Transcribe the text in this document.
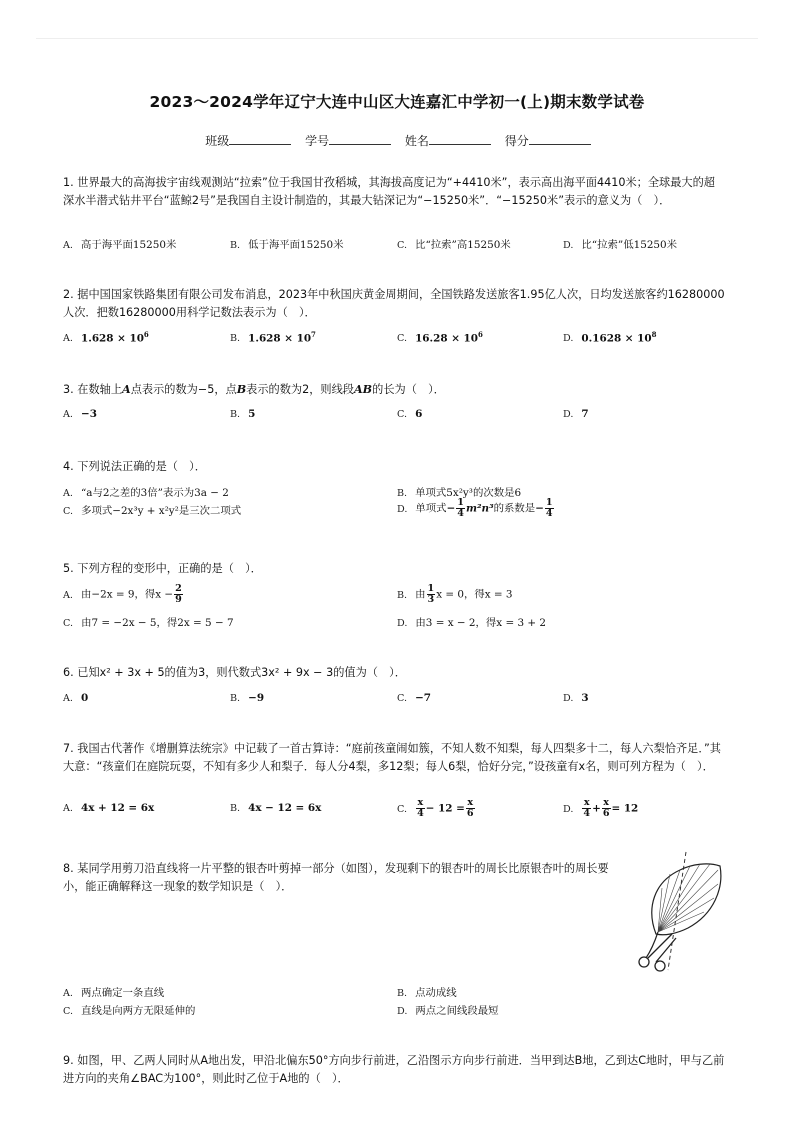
2023～2024学年辽宁大连中山区大连嘉汇中学初一(上)期末数学试卷
班级	学号	姓名	得分
1. 世界最大的高海拔宇宙线观测站“拉索”位于我国甘孜稻城，其海拔高度记为“+4410米”，表示高出海平面4410米；全球最大的超深水半潜式钻井平台“蓝鲸2号”是我国自主设计制造的，其最大钻深记为“−15250米”．“−15250米”表示的意义为（　）．
A. 高于海平面15250米	B. 低于海平面15250米	C. 比“拉索”高15250米	D. 比“拉索”低15250米
2. 据中国国家铁路集团有限公司发布消息，2023年中秋国庆黄金周期间，全国铁路发送旅客1.95亿人次，日均发送旅客约16280000人次．把数16280000用科学记数法表示为（　）．
A. $1.628 \times 10^6$	B. $1.628 \times 10^7$	C. $16.28 \times 10^6$	D. $0.1628 \times 10^8$
3. 在数轴上A点表示的数为−5，点B表示的数为2，则线段AB的长为（　）．
A. −3	B. 5	C. 6	D. 7
4. 下列说法正确的是（　）．
A. “a与2之差的3倍”表示为3a − 2	B. 单项式5x²y³的次数是6
C. 多项式−2x³y + x²y²是三次二项式	D. 单项式− $\frac{1}{4} m^2n^3$的系数是− $\frac{1}{4}$
5. 下列方程的变形中，正确的是（　）．
A. 由−2x = 9，得$x - \frac{2}{9}$	B. 由 $\frac{1}{3}$ x = 0，得x = 3
C. 由7 = −2x − 5，得2x = 5 − 7	D. 由3 = x − 2，得x = 3 + 2
6. 已知x² + 3x + 5的值为3，则代数式3x² + 9x − 3的值为（　）．
A. 0	B. −9	C. −7	D. 3
7. 我国古代著作《增删算法统宗》中记载了一首古算诗：“庭前孩童闹如簇，不知人数不知梨，每人四梨多十二，每人六梨恰齐足．”其大意：“孩童们在庭院玩耍，不知有多少人和梨子．每人分4梨，多12梨；每人6梨，恰好分完，”设孩童有x名，则可列方程为（　）．
A. 4x + 12 = 6x	B. 4x − 12 = 6x	C. $\frac{x}{4} - 12 = \frac{x}{6}$	D. $\frac{x}{4} + \frac{x}{6} = 12$
8. 某同学用剪刀沿直线将一片平整的银杏叶剪掉一部分（如图），发现剩下的银杏叶的周长比原银杏叶的周长要小，能正确解释这一现象的数学知识是（　）．
A. 两点确定一条直线	B. 点动成线
C. 直线是向两方无限延伸的	D. 两点之间线段最短
9. 如图，甲、乙两人同时从A地出发，甲沿北偏东50°方向步行前进，乙沿图示方向步行前进．当甲到达B地，乙到达C地时，甲与乙前进方向的夹角∠BAC为100°，则此时乙位于A地的（　）．
